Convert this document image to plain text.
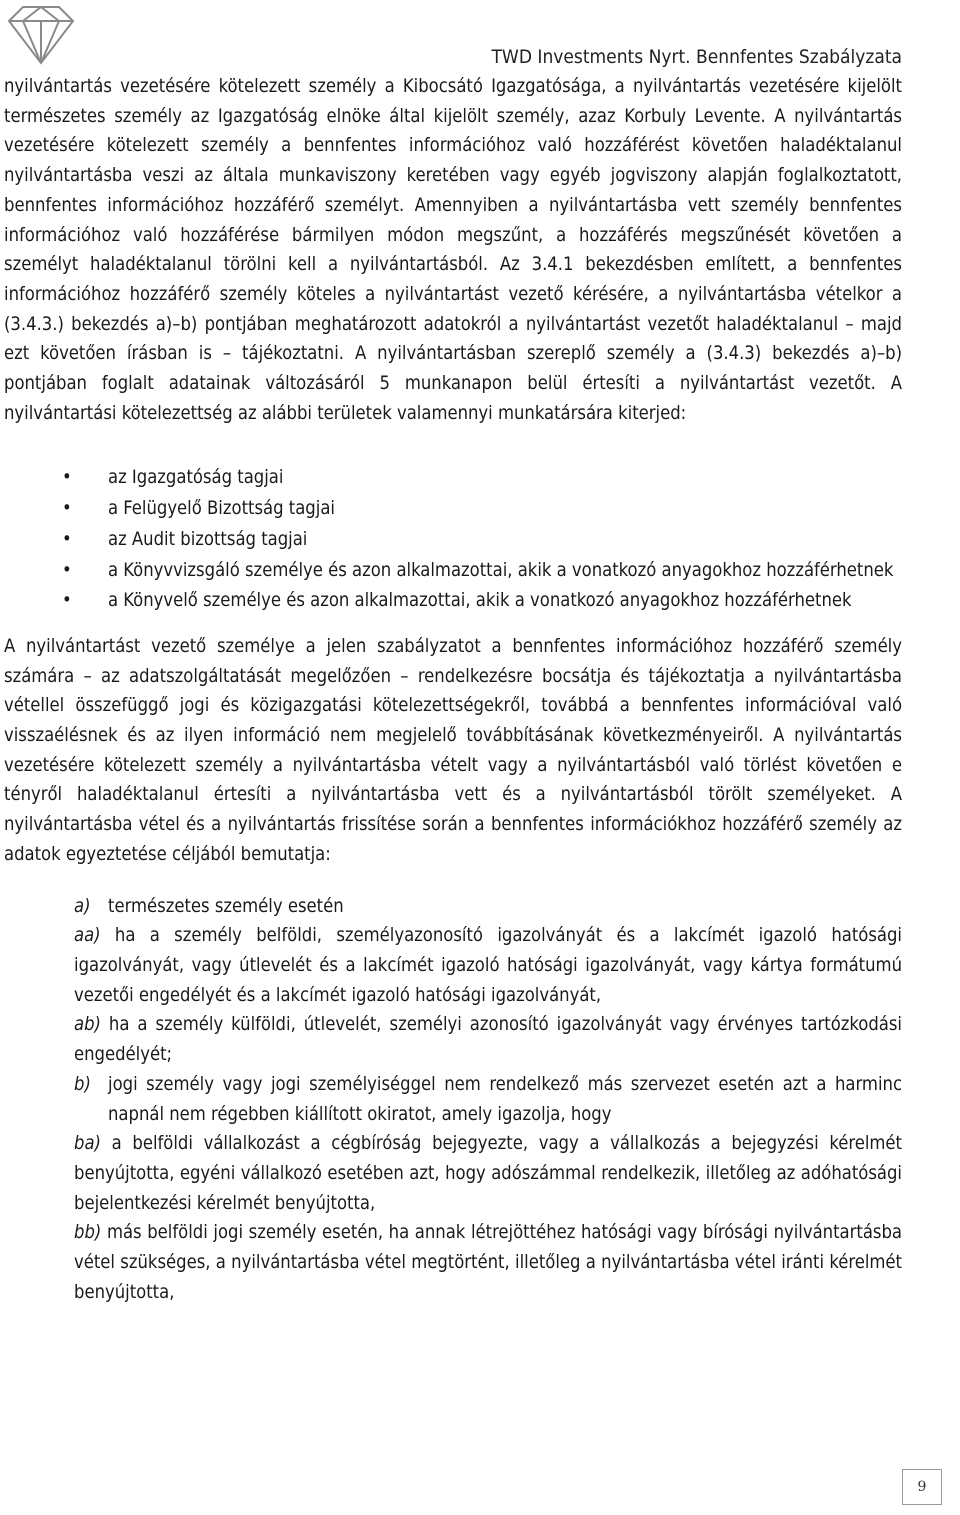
TWD Investments Nyrt. Bennfentes Szabályzata

nyilvántartás vezetésére kötelezett személy a Kibocsátó Igazgatósága, a nyilvántartás vezetésére kijelölt természetes személy az Igazgatóság elnöke által kijelölt személy, azaz Korbuly Levente. A nyilvántartás vezetésére kötelezett személy a bennfentes információhoz való hozzáférést követően haladéktalanul nyilvántartásba veszi az általa munkaviszony keretében vagy egyéb jogviszony alapján foglalkoztatott, bennfentes információhoz hozzáférő személyt. Amennyiben a nyilvántartásba vett személy bennfentes információhoz való hozzáférése bármilyen módon megszűnt, a hozzáférés megszűnését követően a személyt haladéktalanul törölni kell a nyilvántartásból. Az 3.4.1 bekezdésben említett, a bennfentes információhoz hozzáférő személy köteles a nyilvántartást vezető kérésére, a nyilvántartásba vételkor a (3.4.3.) bekezdés a)–b) pontjában meghatározott adatokról a nyilvántartást vezetőt haladéktalanul – majd ezt követően írásban is – tájékoztatni. A nyilvántartásban szereplő személy a (3.4.3) bekezdés a)–b) pontjában foglalt adatainak változásáról 5 munkanapon belül értesíti a nyilvántartást vezetőt. A nyilvántartási kötelezettség az alábbi területek valamennyi munkatársára kiterjed:

• az Igazgatóság tagjai
• a Felügyelő Bizottság tagjai
• az Audit bizottság tagjai
• a Könyvvizsgáló személye és azon alkalmazottai, akik a vonatkozó anyagokhoz hozzáférhetnek
• a Könyvelő személye és azon alkalmazottai, akik a vonatkozó anyagokhoz hozzáférhetnek

A nyilvántartást vezető személye a jelen szabályzatot a bennfentes információhoz hozzáférő személy számára – az adatszolgáltatását megelőzően – rendelkezésre bocsátja és tájékoztatja a nyilvántartásba vétellel összefüggő jogi és közigazgatási kötelezettségekről, továbbá a bennfentes információval való visszaélésnek és az ilyen információ nem megjelelő továbbításának következményeiről. A nyilvántartás vezetésére kötelezett személy a nyilvántartásba vételt vagy a nyilvántartásból való törlést követően e tényről haladéktalanul értesíti a nyilvántartásba vett és a nyilvántartásból törölt személyeket. A nyilvántartásba vétel és a nyilvántartás frissítése során a bennfentes információkhoz hozzáférő személy az adatok egyeztetése céljából bemutatja:

a) természetes személy esetén
aa) ha a személy belföldi, személyazonosító igazolványát és a lakcímét igazoló hatósági igazolványát, vagy útlevelét és a lakcímét igazoló hatósági igazolványát, vagy kártya formátumú vezetői engedélyét és a lakcímét igazoló hatósági igazolványát,
ab) ha a személy külföldi, útlevelét, személyi azonosító igazolványát vagy érvényes tartózkodási engedélyét;
b) jogi személy vagy jogi személyiséggel nem rendelkező más szervezet esetén azt a harminc napnál nem régebben kiállított okiratot, amely igazolja, hogy
ba) a belföldi vállalkozást a cégbíróság bejegyezte, vagy a vállalkozás a bejegyzési kérelmét benyújtotta, egyéni vállalkozó esetében azt, hogy adószámmal rendelkezik, illetőleg az adóhatósági bejelentkezési kérelmét benyújtotta,
bb) más belföldi jogi személy esetén, ha annak létrejöttéhez hatósági vagy bírósági nyilvántartásba vétel szükséges, a nyilvántartásba vétel megtörtént, illetőleg a nyilvántartásba vétel iránti kérelmét benyújtotta,
9
